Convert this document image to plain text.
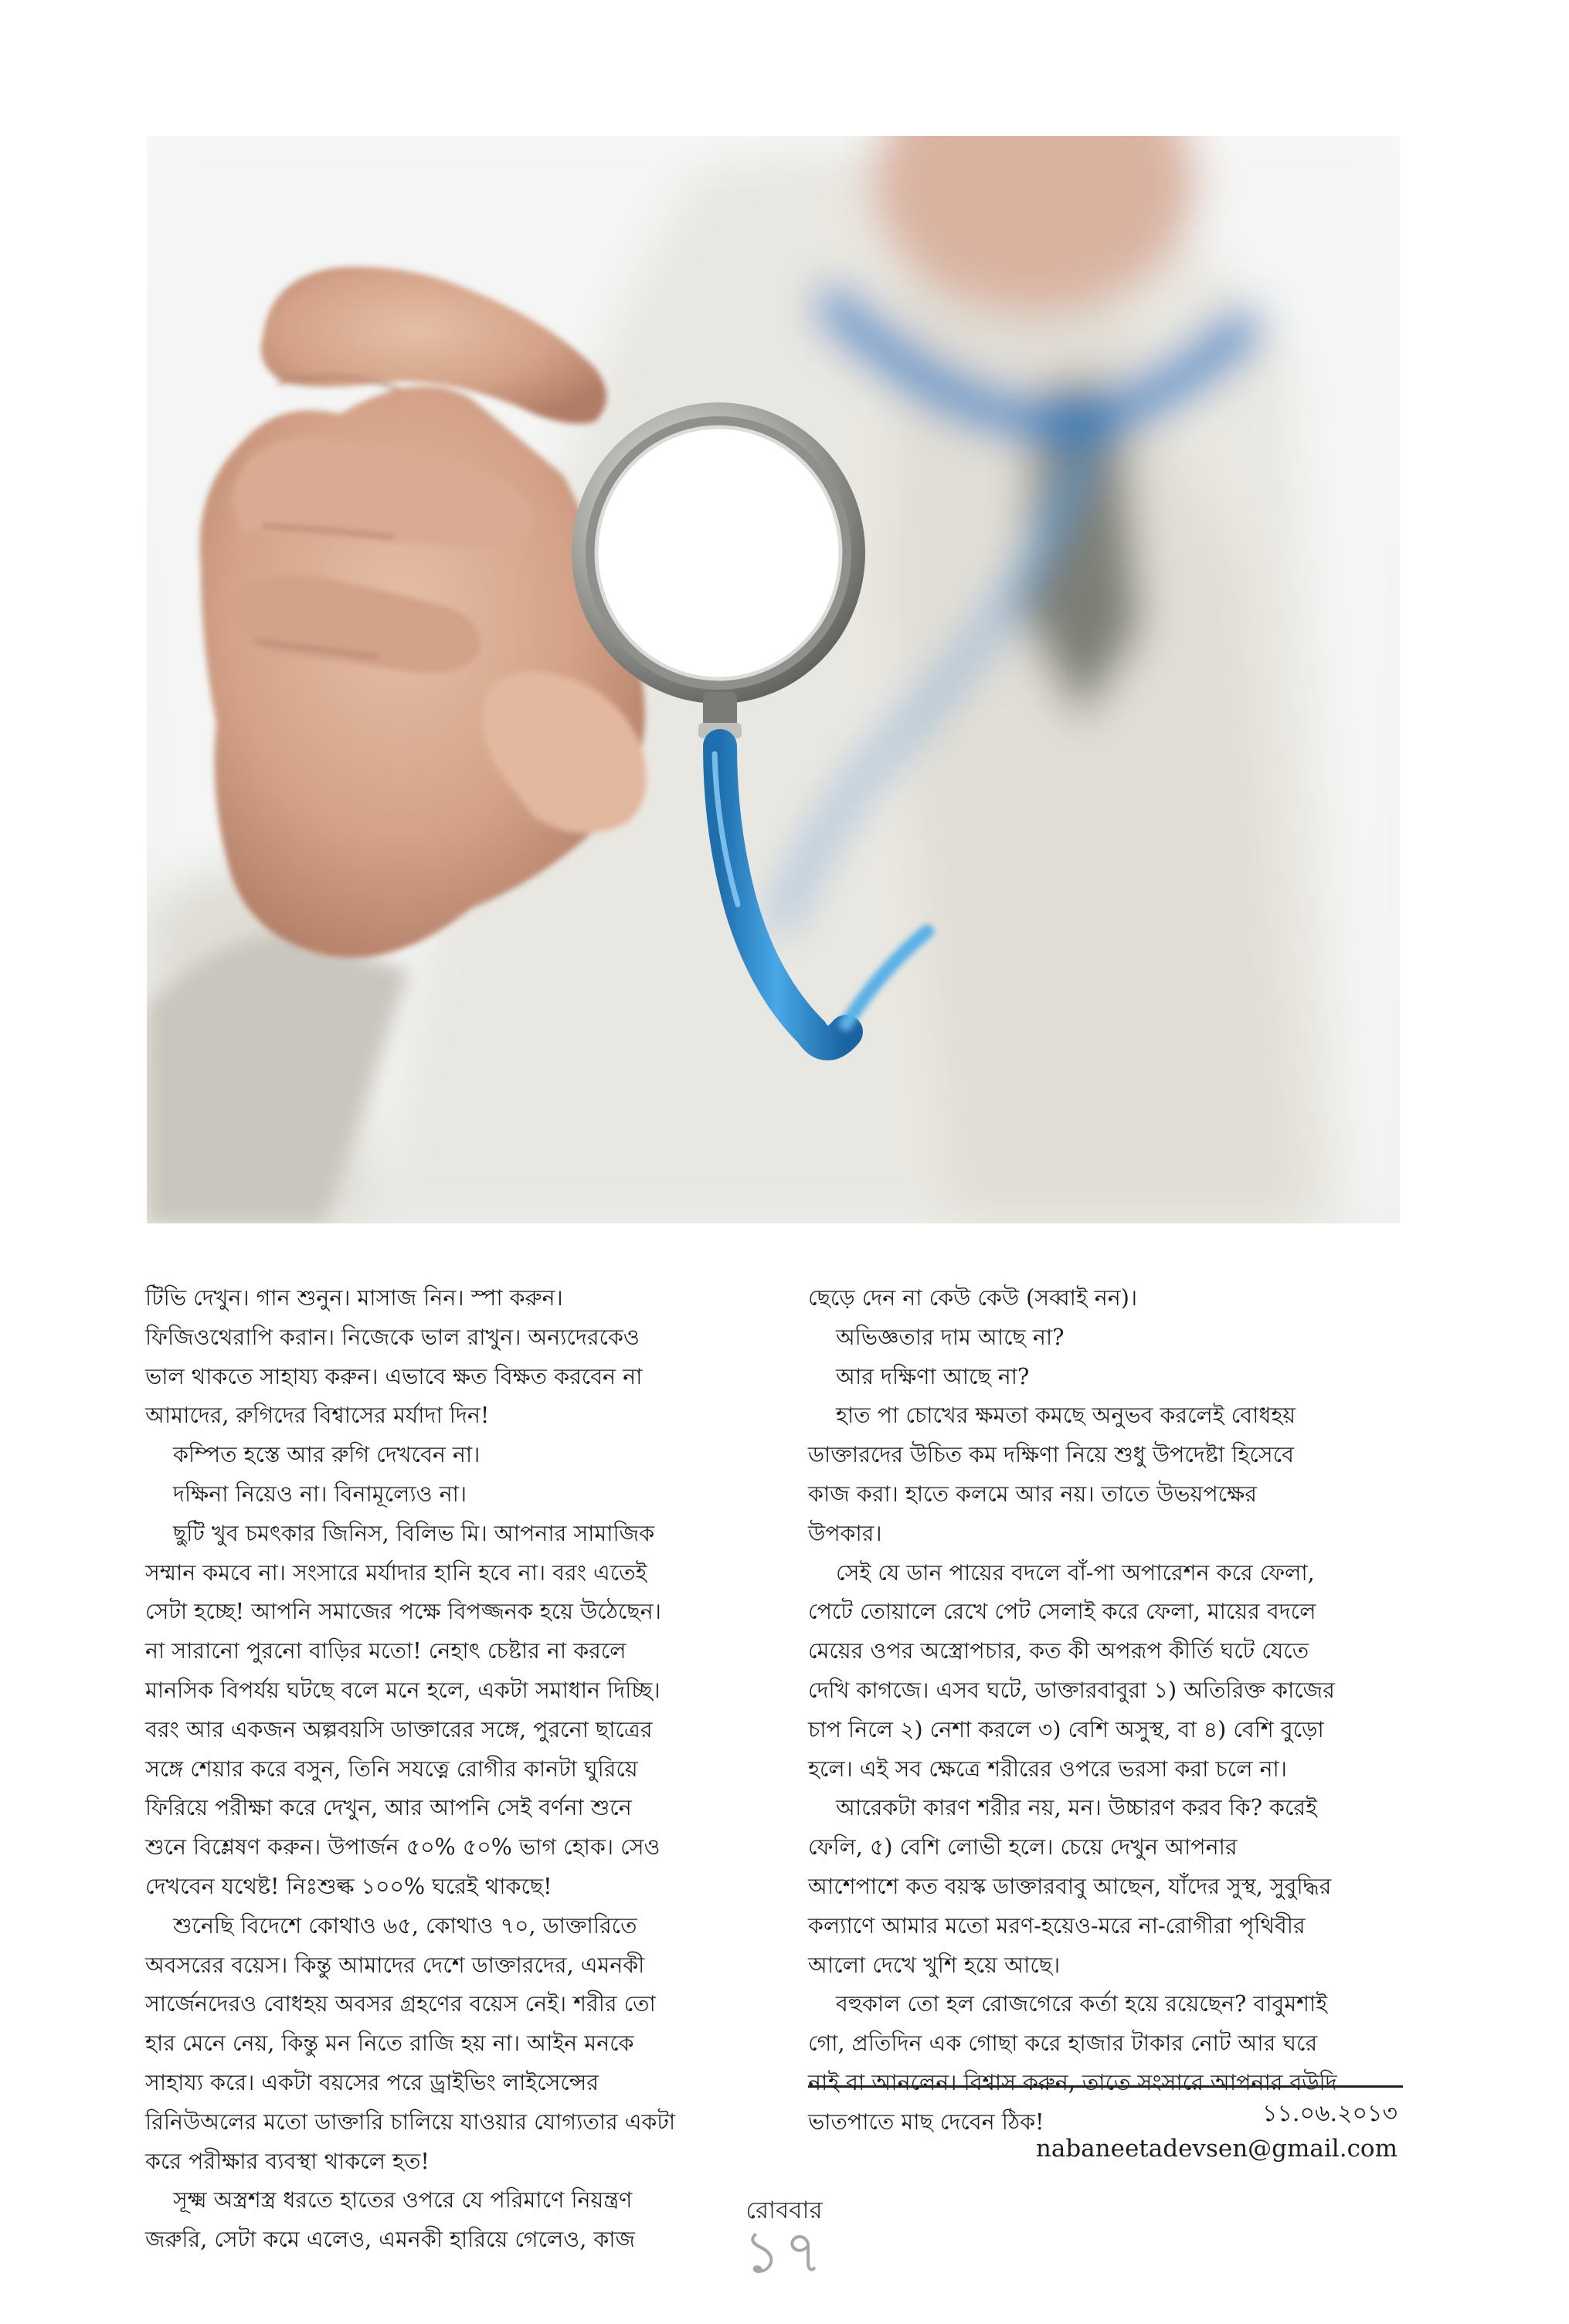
টিভি দেখুন। গান শুনুন। মাসাজ নিন। স্পা করুন।

ফিজিওথেরাপি করান। নিজেকে ভাল রাখুন। অন্যদেরকেও

ভাল থাকতে সাহায্য করুন। এভাবে ক্ষত বিক্ষত করবেন না

আমাদের, রুগিদের বিশ্বাসের মর্যাদা দিন!

কম্পিত হস্তে আর রুগি দেখবেন না।

দক্ষিনা নিয়েও না। বিনামূল্যেও না।

ছুটি খুব চমৎকার জিনিস, বিলিভ মি। আপনার সামাজিক

সম্মান কমবে না। সংসারে মর্যাদার হানি হবে না। বরং এতেই

সেটা হচ্ছে! আপনি সমাজের পক্ষে বিপজ্জনক হয়ে উঠেছেন।

না সারানো পুরনো বাড়ির মতো! নেহাৎ চেষ্টার না করলে

মানসিক বিপর্যয় ঘটছে বলে মনে হলে, একটা সমাধান দিচ্ছি।

বরং আর একজন অল্পবয়সি ডাক্তারের সঙ্গে, পুরনো ছাত্রের

সঙ্গে শেয়ার করে বসুন, তিনি সযত্নে রোগীর কানটা ঘুরিয়ে

ফিরিয়ে পরীক্ষা করে দেখুন, আর আপনি সেই বর্ণনা শুনে

শুনে বিশ্লেষণ করুন। উপার্জন ৫০% ৫০% ভাগ হোক। সেও

দেখবেন যথেষ্ট! নিঃশুল্ক ১০০% ঘরেই থাকছে!

শুনেছি বিদেশে কোথাও ৬৫, কোথাও ৭০, ডাক্তারিতে

অবসরের বয়েস। কিন্তু আমাদের দেশে ডাক্তারদের, এমনকী

সার্জেনদেরও বোধহয় অবসর গ্রহণের বয়েস নেই। শরীর তো

হার মেনে নেয়, কিন্তু মন নিতে রাজি হয় না। আইন মনকে

সাহায্য করে। একটা বয়সের পরে ড্রাইভিং লাইসেন্সের

রিনিউঅলের মতো ডাক্তারি চালিয়ে যাওয়ার যোগ্যতার একটা

করে পরীক্ষার ব্যবস্থা থাকলে হত!

সূক্ষ্ম অস্ত্রশস্ত্র ধরতে হাতের ওপরে যে পরিমাণে নিয়ন্ত্রণ

জরুরি, সেটা কমে এলেও, এমনকী হারিয়ে গেলেও, কাজ

ছেড়ে দেন না কেউ কেউ (সব্বাই নন)।

অভিজ্ঞতার দাম আছে না?

আর দক্ষিণা আছে না?

হাত পা চোখের ক্ষমতা কমছে অনুভব করলেই বোধহয়

ডাক্তারদের উচিত কম দক্ষিণা নিয়ে শুধু উপদেষ্টা হিসেবে

কাজ করা। হাতে কলমে আর নয়। তাতে উভয়পক্ষের

উপকার।

সেই যে ডান পায়ের বদলে বাঁ-পা অপারেশন করে ফেলা,

পেটে তোয়ালে রেখে পেট সেলাই করে ফেলা, মায়ের বদলে

মেয়ের ওপর অস্ত্রোপচার, কত কী অপরূপ কীর্তি ঘটে যেতে

দেখি কাগজে। এসব ঘটে, ডাক্তারবাবুরা ১) অতিরিক্ত কাজের

চাপ নিলে ২) নেশা করলে ৩) বেশি অসুস্থ, বা ৪) বেশি বুড়ো

হলে। এই সব ক্ষেত্রে শরীরের ওপরে ভরসা করা চলে না।

আরেকটা কারণ শরীর নয়, মন। উচ্চারণ করব কি? করেই

ফেলি, ৫) বেশি লোভী হলে। চেয়ে দেখুন আপনার

আশেপাশে কত বয়স্ক ডাক্তারবাবু আছেন, যাঁদের সুস্থ, সুবুদ্ধির

কল্যাণে আমার মতো মরণ-হয়েও-মরে না-রোগীরা পৃথিবীর

আলো দেখে খুশি হয়ে আছে।

বহুকাল তো হল রোজগেরে কর্তা হয়ে রয়েছেন? বাবুমশাই

গো, প্রতিদিন এক গোছা করে হাজার টাকার নোট আর ঘরে

নাই বা আনলেন। বিশ্বাস করুন, তাতে সংসারে আপনার বউদি

ভাতপাতে মাছ দেবেন ঠিক!	১১.০৬.২০১৩
nabaneetadevsen@gmail.com
রোববার
১৭
